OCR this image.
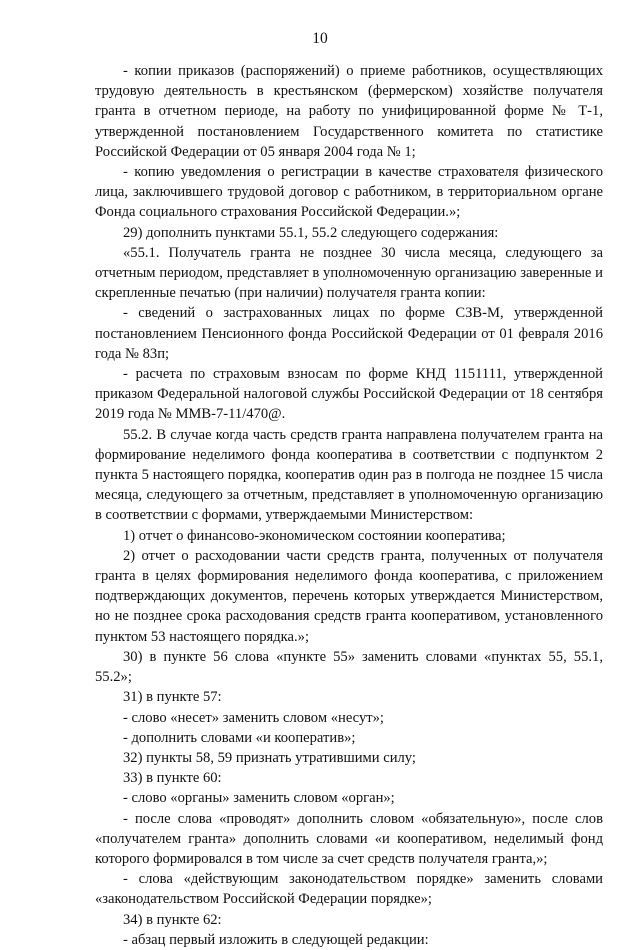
10

- копии приказов (распоряжений) о приеме работников, осуществляющих трудовую деятельность в крестьянском (фермерском) хозяйстве получателя гранта в отчетном периоде, на работу по унифицированной форме № Т-1, утвержденной постановлением Государственного комитета по статистике Российской Федерации от 05 января 2004 года № 1;

- копию уведомления о регистрации в качестве страхователя физического лица, заключившего трудовой договор с работником, в территориальном органе Фонда социального страхования Российской Федерации.»;

29) дополнить пунктами 55.1, 55.2 следующего содержания:

«55.1. Получатель гранта не позднее 30 числа месяца, следующего за отчетным периодом, представляет в уполномоченную организацию заверенные и скрепленные печатью (при наличии) получателя гранта копии:

- сведений о застрахованных лицах по форме СЗВ-М, утвержденной постановлением Пенсионного фонда Российской Федерации от 01 февраля 2016 года № 83п;

- расчета по страховым взносам по форме КНД 1151111, утвержденной приказом Федеральной налоговой службы Российской Федерации от 18 сентября 2019 года № ММВ-7-11/470@.

55.2. В случае когда часть средств гранта направлена получателем гранта на формирование неделимого фонда кооператива в соответствии с подпунктом 2 пункта 5 настоящего порядка, кооператив один раз в полгода не позднее 15 числа месяца, следующего за отчетным, представляет в уполномоченную организацию в соответствии с формами, утверждаемыми Министерством:

1) отчет о финансово-экономическом состоянии кооператива;

2) отчет о расходовании части средств гранта, полученных от получателя гранта в целях формирования неделимого фонда кооператива, с приложением подтверждающих документов, перечень которых утверждается Министерством, но не позднее срока расходования средств гранта кооперативом, установленного пунктом 53 настоящего порядка.»;

30) в пункте 56 слова «пункте 55» заменить словами «пунктах 55, 55.1, 55.2»;

31) в пункте 57:

- слово «несет» заменить словом «несут»;

- дополнить словами «и кооператив»;

32) пункты 58, 59 признать утратившими силу;

33) в пункте 60:

- слово «органы» заменить словом «орган»;

- после слова «проводят» дополнить словом «обязательную», после слов «получателем гранта» дополнить словами «и кооперативом, неделимый фонд которого формировался в том числе за счет средств получателя гранта,»;

- слова «действующим законодательством порядке» заменить словами «законодательством Российской Федерации порядке»;

34) в пункте 62:

- абзац первый изложить в следующей редакции:
